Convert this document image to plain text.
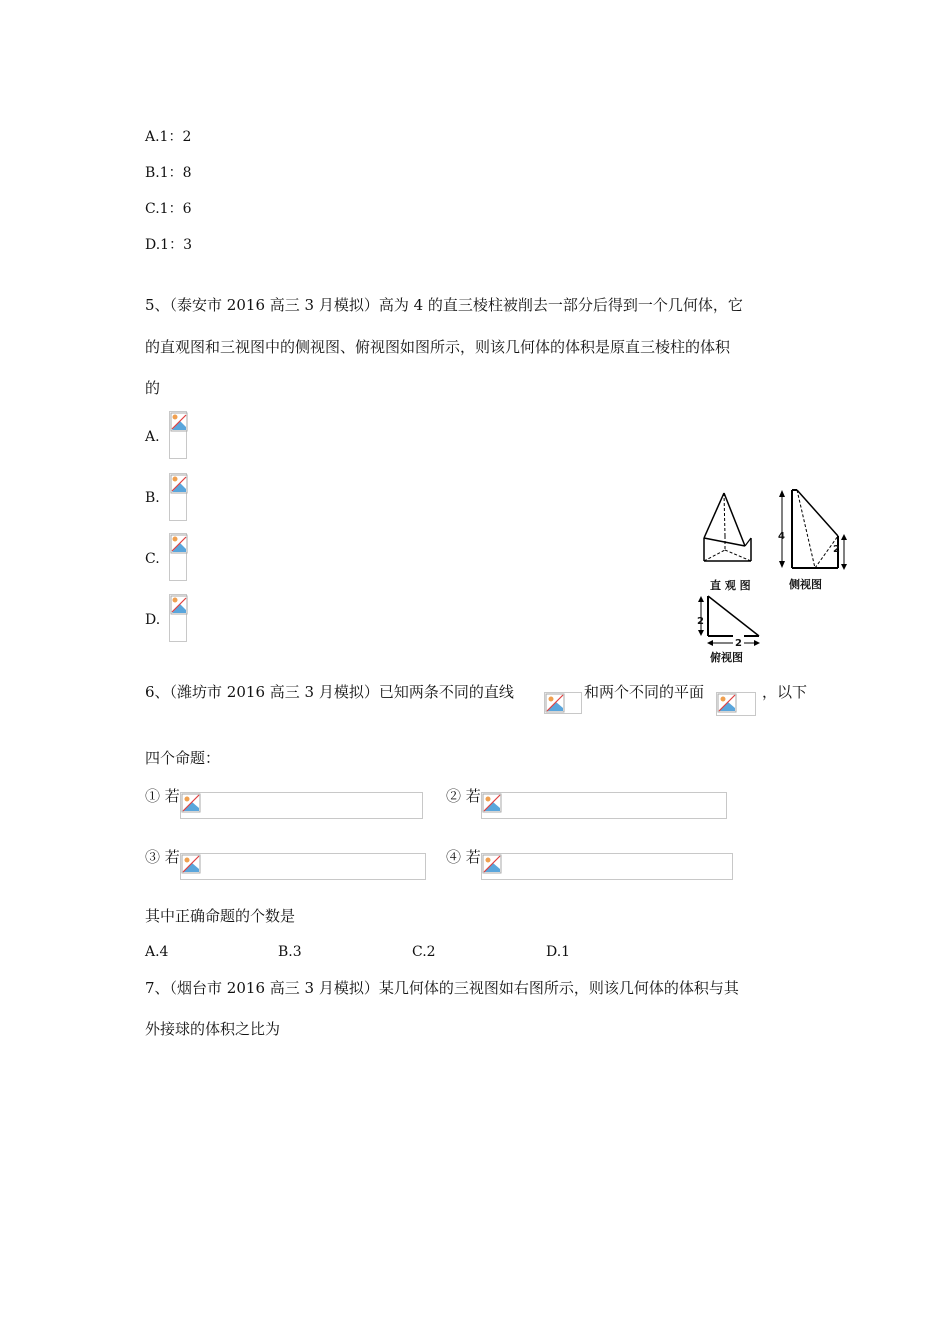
A.1：2
B.1：8
C.1：6
D.1：3
5、（泰安市 2016 高三 3 月模拟）高为 4 的直三棱柱被削去一部分后得到一个几何体，它
的直观图和三视图中的侧视图、俯视图如图所示，则该几何体的体积是原直三棱柱的体积
的
A.
B.
C.
D.
直 观 图
4
2
侧视图
2
2
俯视图
6、（潍坊市 2016 高三 3 月模拟）已知两条不同的直线	和两个不同的平面	，以下
四个命题：
① 若	② 若
③ 若	④ 若
其中正确命题的个数是
A.4	B.3	C.2	D.1
7、（烟台市 2016 高三 3 月模拟）某几何体的三视图如右图所示，则该几何体的体积与其
外接球的体积之比为
